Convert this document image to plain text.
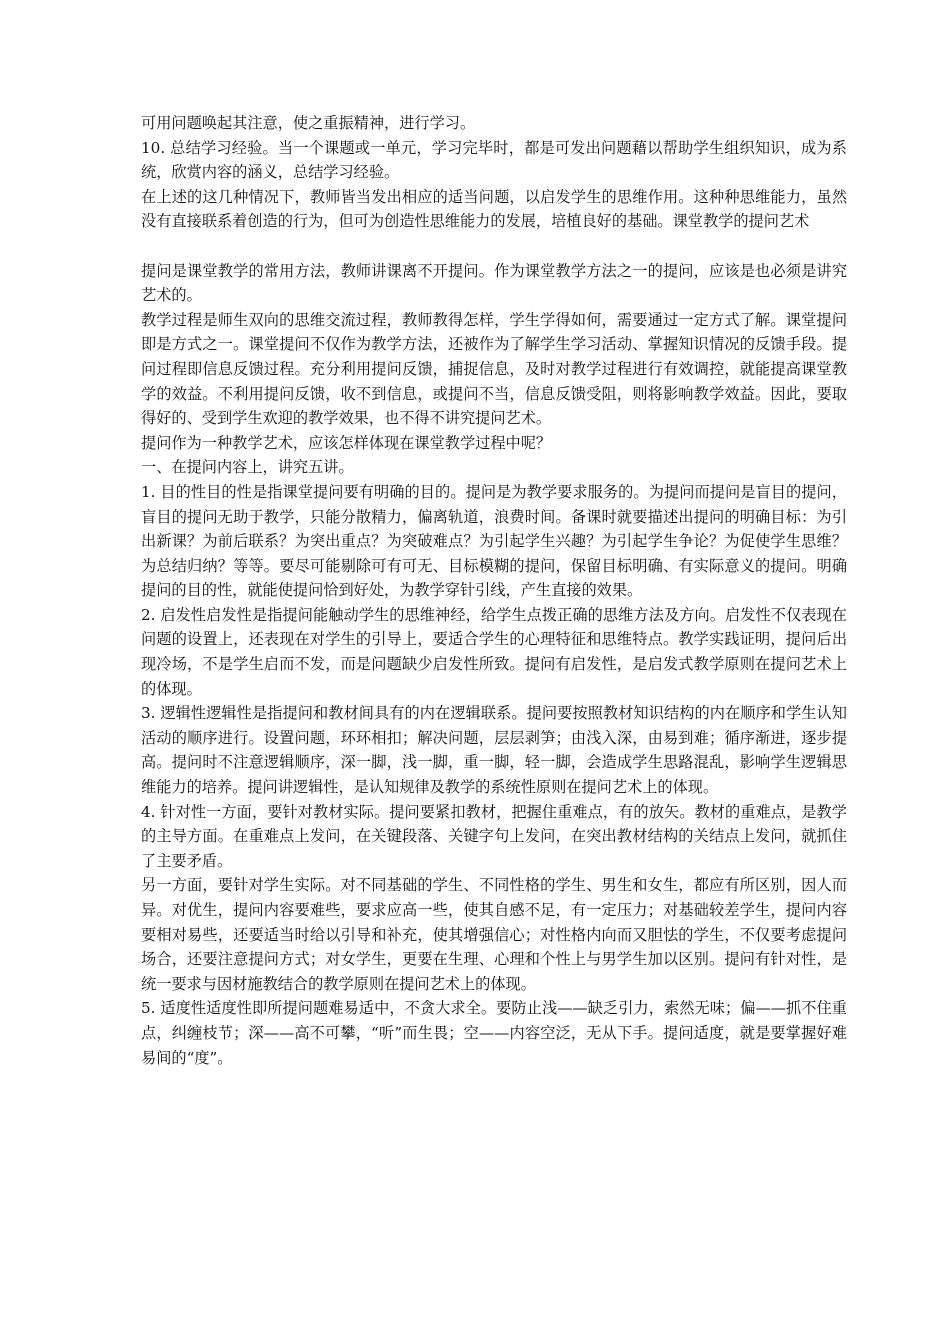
可用问题唤起其注意，使之重振精神，进行学习。

10. 总结学习经验。当一个课题或一单元，学习完毕时，都是可发出问题藉以帮助学生组织知识，成为系统，欣赏内容的涵义，总结学习经验。

在上述的这几种情况下，教师皆当发出相应的适当问题，以启发学生的思维作用。这种种思维能力，虽然没有直接联系着创造的行为，但可为创造性思维能力的发展，培植良好的基础。课堂教学的提问艺术

提问是课堂教学的常用方法，教师讲课离不开提问。作为课堂教学方法之一的提问，应该是也必须是讲究艺术的。

教学过程是师生双向的思维交流过程，教师教得怎样，学生学得如何，需要通过一定方式了解。课堂提问即是方式之一。课堂提问不仅作为教学方法，还被作为了解学生学习活动、掌握知识情况的反馈手段。提问过程即信息反馈过程。充分利用提问反馈，捕捉信息，及时对教学过程进行有效调控，就能提高课堂教学的效益。不利用提问反馈，收不到信息，或提问不当，信息反馈受阻，则将影响教学效益。因此，要取得好的、受到学生欢迎的教学效果，也不得不讲究提问艺术。

提问作为一种教学艺术，应该怎样体现在课堂教学过程中呢？

一、在提问内容上，讲究五讲。

1. 目的性目的性是指课堂提问要有明确的目的。提问是为教学要求服务的。为提问而提问是盲目的提问，盲目的提问无助于教学，只能分散精力，偏离轨道，浪费时间。备课时就要描述出提问的明确目标：为引出新课？为前后联系？为突出重点？为突破难点？为引起学生兴趣？为引起学生争论？为促使学生思维？为总结归纳？等等。要尽可能剔除可有可无、目标模糊的提问，保留目标明确、有实际意义的提问。明确提问的目的性，就能使提问恰到好处，为教学穿针引线，产生直接的效果。

2. 启发性启发性是指提问能触动学生的思维神经，给学生点拨正确的思维方法及方向。启发性不仅表现在问题的设置上，还表现在对学生的引导上，要适合学生的心理特征和思维特点。教学实践证明，提问后出现冷场，不是学生启而不发，而是问题缺少启发性所致。提问有启发性，是启发式教学原则在提问艺术上的体现。

3. 逻辑性逻辑性是指提问和教材间具有的内在逻辑联系。提问要按照教材知识结构的内在顺序和学生认知活动的顺序进行。设置问题，环环相扣；解决问题，层层剥笋；由浅入深，由易到难；循序渐进，逐步提高。提问时不注意逻辑顺序，深一脚，浅一脚，重一脚，轻一脚，会造成学生思路混乱，影响学生逻辑思维能力的培养。提问讲逻辑性，是认知规律及教学的系统性原则在提问艺术上的体现。

4. 针对性一方面，要针对教材实际。提问要紧扣教材，把握住重难点，有的放矢。教材的重难点，是教学的主导方面。在重难点上发问，在关键段落、关键字句上发问，在突出教材结构的关结点上发问，就抓住了主要矛盾。

另一方面，要针对学生实际。对不同基础的学生、不同性格的学生、男生和女生，都应有所区别，因人而异。对优生，提问内容要难些，要求应高一些，使其自感不足，有一定压力；对基础较差学生，提问内容要相对易些，还要适当时给以引导和补充，使其增强信心；对性格内向而又胆怯的学生，不仅要考虑提问场合，还要注意提问方式；对女学生，更要在生理、心理和个性上与男学生加以区别。提问有针对性，是统一要求与因材施教结合的教学原则在提问艺术上的体现。

5. 适度性适度性即所提问题难易适中，不贪大求全。要防止浅——缺乏引力，索然无味；偏——抓不住重点，纠缠枝节；深——高不可攀，“听”而生畏；空——内容空泛，无从下手。提问适度，就是要掌握好难易间的“度”。
